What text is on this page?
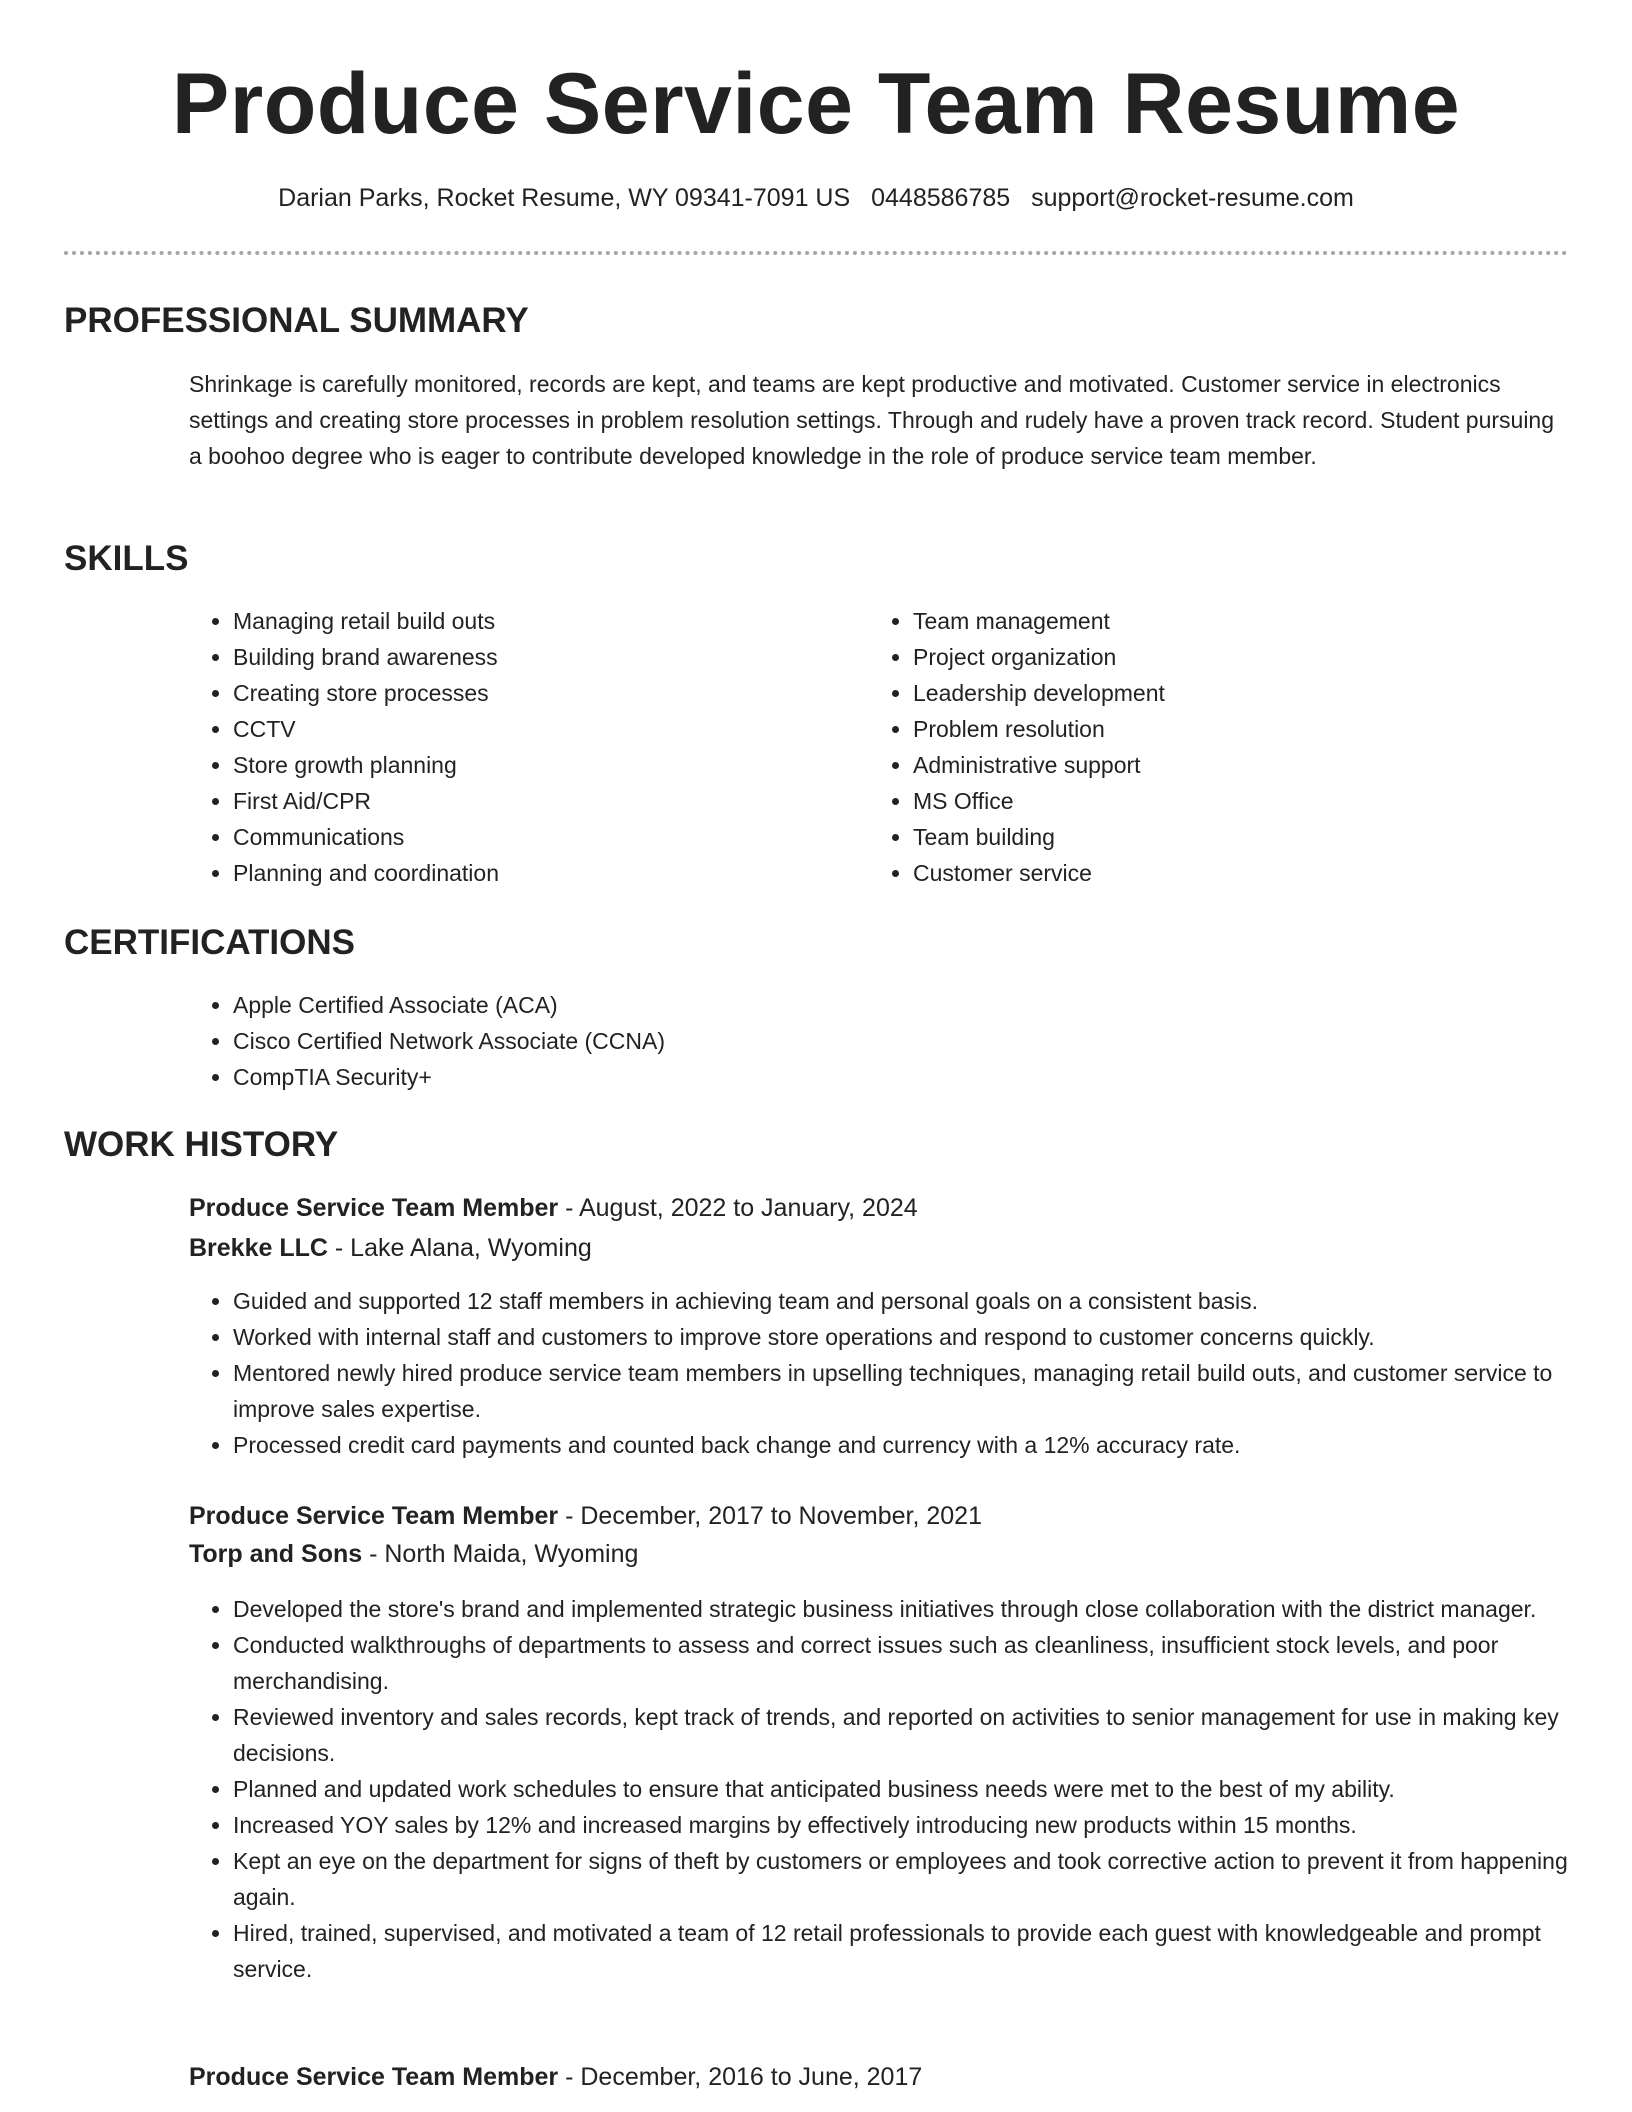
Produce Service Team Resume
Darian Parks, Rocket Resume, WY 09341-7091 US 0448586785 support@rocket-resume.com
PROFESSIONAL SUMMARY

Shrinkage is carefully monitored, records are kept, and teams are kept productive and motivated. Customer service in electronics settings and creating store processes in problem resolution settings. Through and rudely have a proven track record. Student pursuing a boohoo degree who is eager to contribute developed knowledge in the role of produce service team member.

SKILLS
• Managing retail build outs
• Building brand awareness
• Creating store processes
• CCTV
• Store growth planning
• First Aid/CPR
• Communications
• Planning and coordination
• Team management
• Project organization
• Leadership development
• Problem resolution
• Administrative support
• MS Office
• Team building
• Customer service
CERTIFICATIONS
• Apple Certified Associate (ACA)
• Cisco Certified Network Associate (CCNA)
• CompTIA Security+
WORK HISTORY
Produce Service Team Member - August, 2022 to January, 2024
Brekke LLC - Lake Alana, Wyoming
• Guided and supported 12 staff members in achieving team and personal goals on a consistent basis.
• Worked with internal staff and customers to improve store operations and respond to customer concerns quickly.
• Mentored newly hired produce service team members in upselling techniques, managing retail build outs, and customer service to improve sales expertise.
• Processed credit card payments and counted back change and currency with a 12% accuracy rate.
Produce Service Team Member - December, 2017 to November, 2021
Torp and Sons - North Maida, Wyoming
• Developed the store's brand and implemented strategic business initiatives through close collaboration with the district manager.
• Conducted walkthroughs of departments to assess and correct issues such as cleanliness, insufficient stock levels, and poor merchandising.
• Reviewed inventory and sales records, kept track of trends, and reported on activities to senior management for use in making key decisions.
• Planned and updated work schedules to ensure that anticipated business needs were met to the best of my ability.
• Increased YOY sales by 12% and increased margins by effectively introducing new products within 15 months.
• Kept an eye on the department for signs of theft by customers or employees and took corrective action to prevent it from happening again.
• Hired, trained, supervised, and motivated a team of 12 retail professionals to provide each guest with knowledgeable and prompt service.
Produce Service Team Member - December, 2016 to June, 2017
